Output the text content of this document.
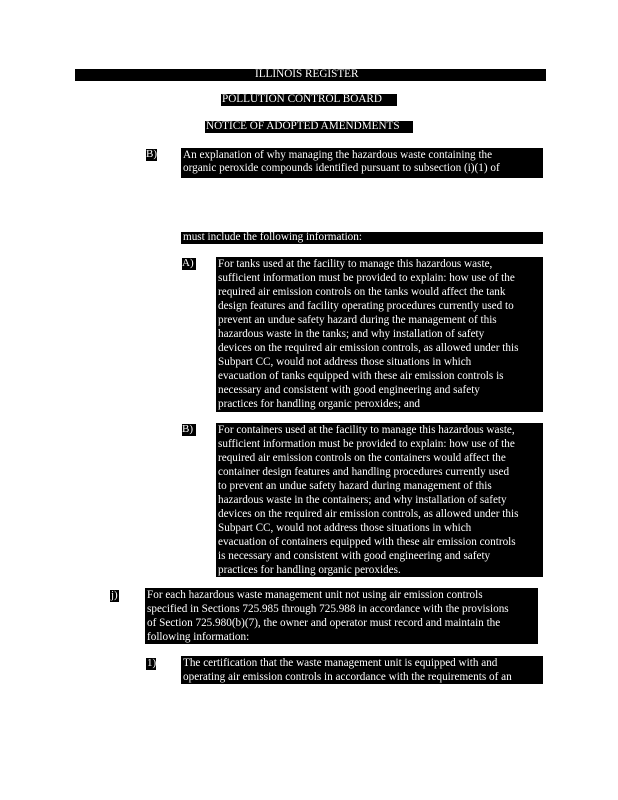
ILLINOIS REGISTER
POLLUTION CONTROL BOARD
NOTICE OF ADOPTED AMENDMENTS
B) An explanation of why managing the hazardous waste containing the
organic peroxide compounds identified pursuant to subsection (i)(1) of
must include the following information:
A) For tanks used at the facility to manage this hazardous waste,
sufficient information must be provided to explain: how use of the
required air emission controls on the tanks would affect the tank
design features and facility operating procedures currently used to
prevent an undue safety hazard during the management of this
hazardous waste in the tanks; and why installation of safety
devices on the required air emission controls, as allowed under this
Subpart CC, would not address those situations in which
evacuation of tanks equipped with these air emission controls is
necessary and consistent with good engineering and safety
practices for handling organic peroxides; and
B) For containers used at the facility to manage this hazardous waste,
sufficient information must be provided to explain: how use of the
required air emission controls on the containers would affect the
container design features and handling procedures currently used
to prevent an undue safety hazard during management of this
hazardous waste in the containers; and why installation of safety
devices on the required air emission controls, as allowed under this
Subpart CC, would not address those situations in which
evacuation of containers equipped with these air emission controls
is necessary and consistent with good engineering and safety
practices for handling organic peroxides.
j)	For each hazardous waste management unit not using air emission controls
specified in Sections 725.985 through 725.988 in accordance with the provisions
of Section 725.980(b)(7), the owner and operator must record and maintain the
following information:
1) The certification that the waste management unit is equipped with and
operating air emission controls in accordance with the requirements of an
